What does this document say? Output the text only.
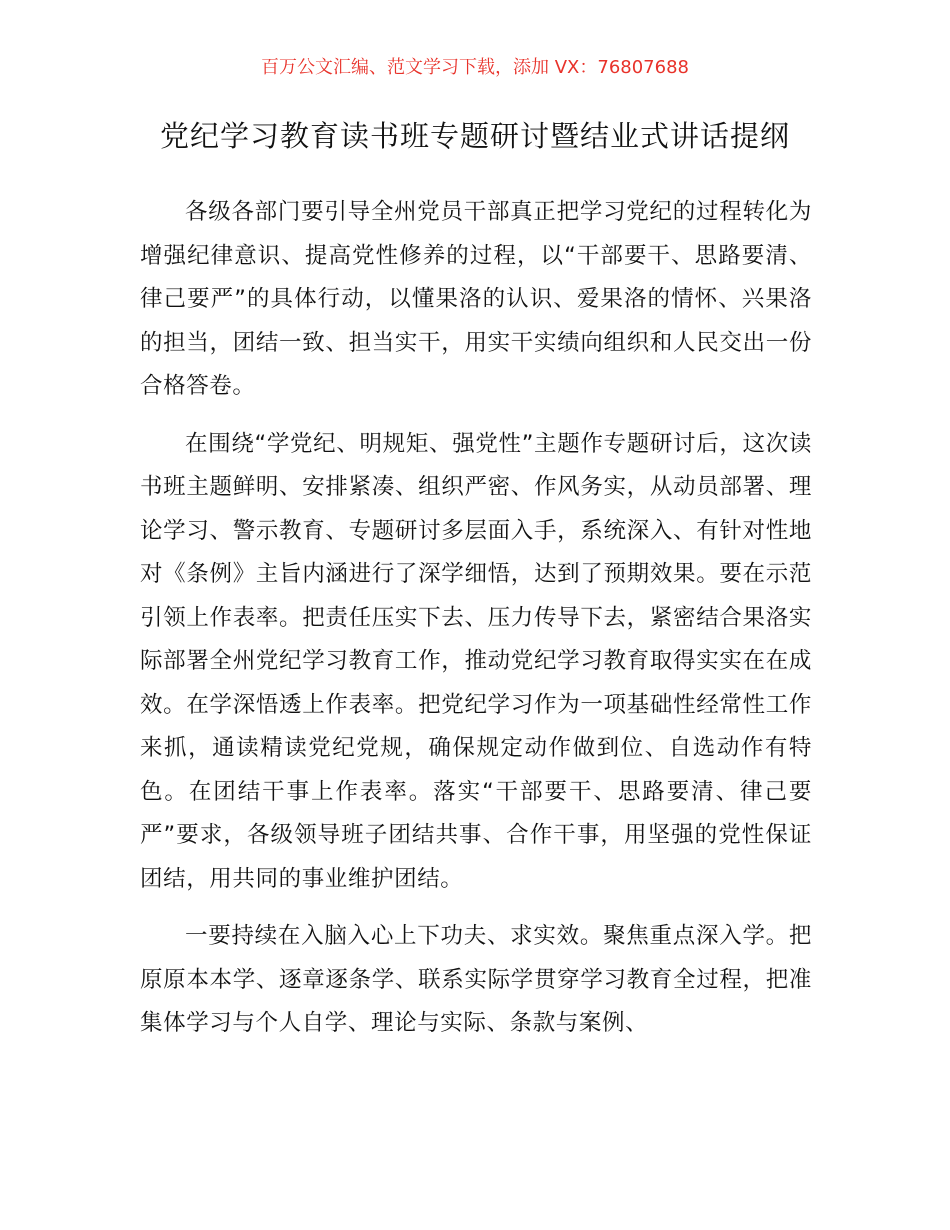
百万公文汇编、范文学习下载，添加 VX：76807688
党纪学习教育读书班专题研讨暨结业式讲话提纲

各级各部门要引导全州党员干部真正把学习党纪的过程转化为增强纪律意识、提高党性修养的过程，以“干部要干、思路要清、律己要严”的具体行动，以懂果洛的认识、爱果洛的情怀、兴果洛的担当，团结一致、担当实干，用实干实绩向组织和人民交出一份合格答卷。

在围绕“学党纪、明规矩、强党性”主题作专题研讨后，这次读书班主题鲜明、安排紧凑、组织严密、作风务实，从动员部署、理论学习、警示教育、专题研讨多层面入手，系统深入、有针对性地对《条例》主旨内涵进行了深学细悟，达到了预期效果。要在示范引领上作表率。把责任压实下去、压力传导下去，紧密结合果洛实际部署全州党纪学习教育工作，推动党纪学习教育取得实实在在成效。在学深悟透上作表率。把党纪学习作为一项基础性经常性工作来抓，通读精读党纪党规，确保规定动作做到位、自选动作有特色。在团结干事上作表率。落实“干部要干、思路要清、律己要严”要求，各级领导班子团结共事、合作干事，用坚强的党性保证团结，用共同的事业维护团结。

一要持续在入脑入心上下功夫、求实效。聚焦重点深入学。把原原本本学、逐章逐条学、联系实际学贯穿学习教育全过程，把准集体学习与个人自学、理论与实际、条款与案例、
